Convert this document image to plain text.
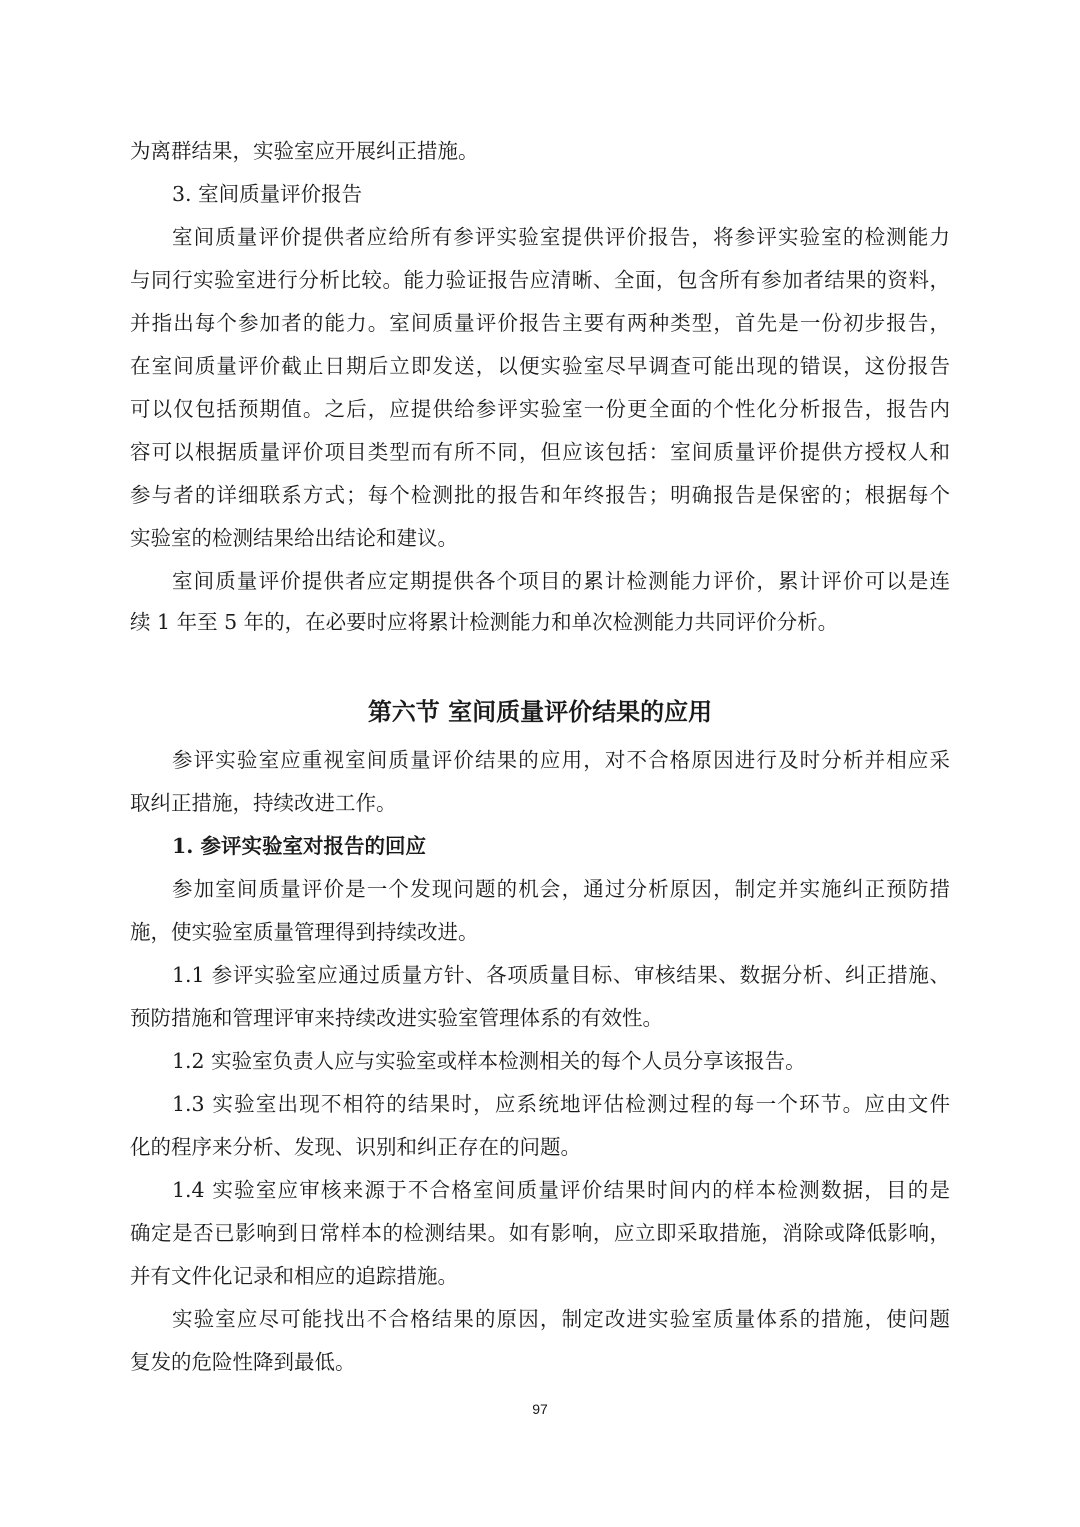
为离群结果，实验室应开展纠正措施。

3. 室间质量评价报告

室间质量评价提供者应给所有参评实验室提供评价报告，将参评实验室的检测能力

与同行实验室进行分析比较。能力验证报告应清晰、全面，包含所有参加者结果的资料，

并指出每个参加者的能力。室间质量评价报告主要有两种类型，首先是一份初步报告，

在室间质量评价截止日期后立即发送，以便实验室尽早调查可能出现的错误，这份报告

可以仅包括预期值。之后，应提供给参评实验室一份更全面的个性化分析报告，报告内

容可以根据质量评价项目类型而有所不同，但应该包括：室间质量评价提供方授权人和

参与者的详细联系方式；每个检测批的报告和年终报告；明确报告是保密的；根据每个

实验室的检测结果给出结论和建议。

室间质量评价提供者应定期提供各个项目的累计检测能力评价，累计评价可以是连

续 1 年至 5 年的，在必要时应将累计检测能力和单次检测能力共同评价分析。

第六节 室间质量评价结果的应用

参评实验室应重视室间质量评价结果的应用，对不合格原因进行及时分析并相应采

取纠正措施，持续改进工作。

1. 参评实验室对报告的回应

参加室间质量评价是一个发现问题的机会，通过分析原因，制定并实施纠正预防措

施，使实验室质量管理得到持续改进。

1.1 参评实验室应通过质量方针、各项质量目标、审核结果、数据分析、纠正措施、

预防措施和管理评审来持续改进实验室管理体系的有效性。

1.2 实验室负责人应与实验室或样本检测相关的每个人员分享该报告。

1.3 实验室出现不相符的结果时，应系统地评估检测过程的每一个环节。应由文件

化的程序来分析、发现、识别和纠正存在的问题。

1.4 实验室应审核来源于不合格室间质量评价结果时间内的样本检测数据，目的是

确定是否已影响到日常样本的检测结果。如有影响，应立即采取措施，消除或降低影响，

并有文件化记录和相应的追踪措施。

实验室应尽可能找出不合格结果的原因，制定改进实验室质量体系的措施，使问题

复发的危险性降到最低。

97
